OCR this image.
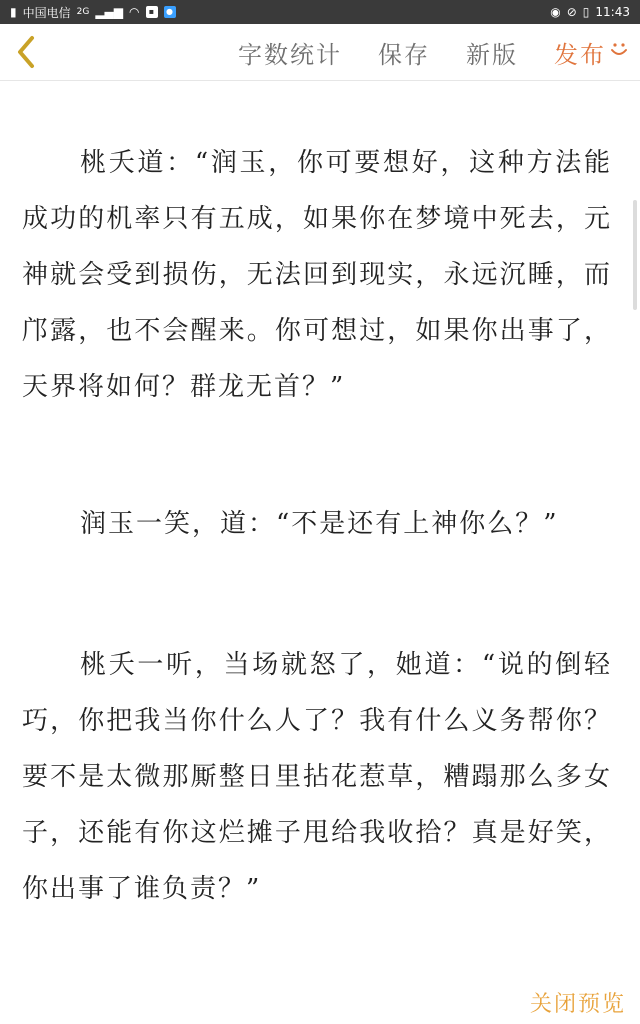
▮ 中国电信 2G ▂▄▆ ◠	▪	●	◉ ⊘ ▯ 11:43
字数统计 保存 新版 发布

桃夭道：“润玉，你可要想好，这种方法能成功的机率只有五成，如果你在梦境中死去，元神就会受到损伤，无法回到现实，永远沉睡，而邝露，也不会醒来。你可想过，如果你出事了，天界将如何？群龙无首？”

润玉一笑，道：“不是还有上神你么？”

桃夭一听，当场就怒了，她道：“说的倒轻巧，你把我当你什么人了？我有什么义务帮你？要不是太微那厮整日里拈花惹草，糟蹋那么多女子，还能有你这烂摊子甩给我收拾？真是好笑，你出事了谁负责？”

关闭预览
